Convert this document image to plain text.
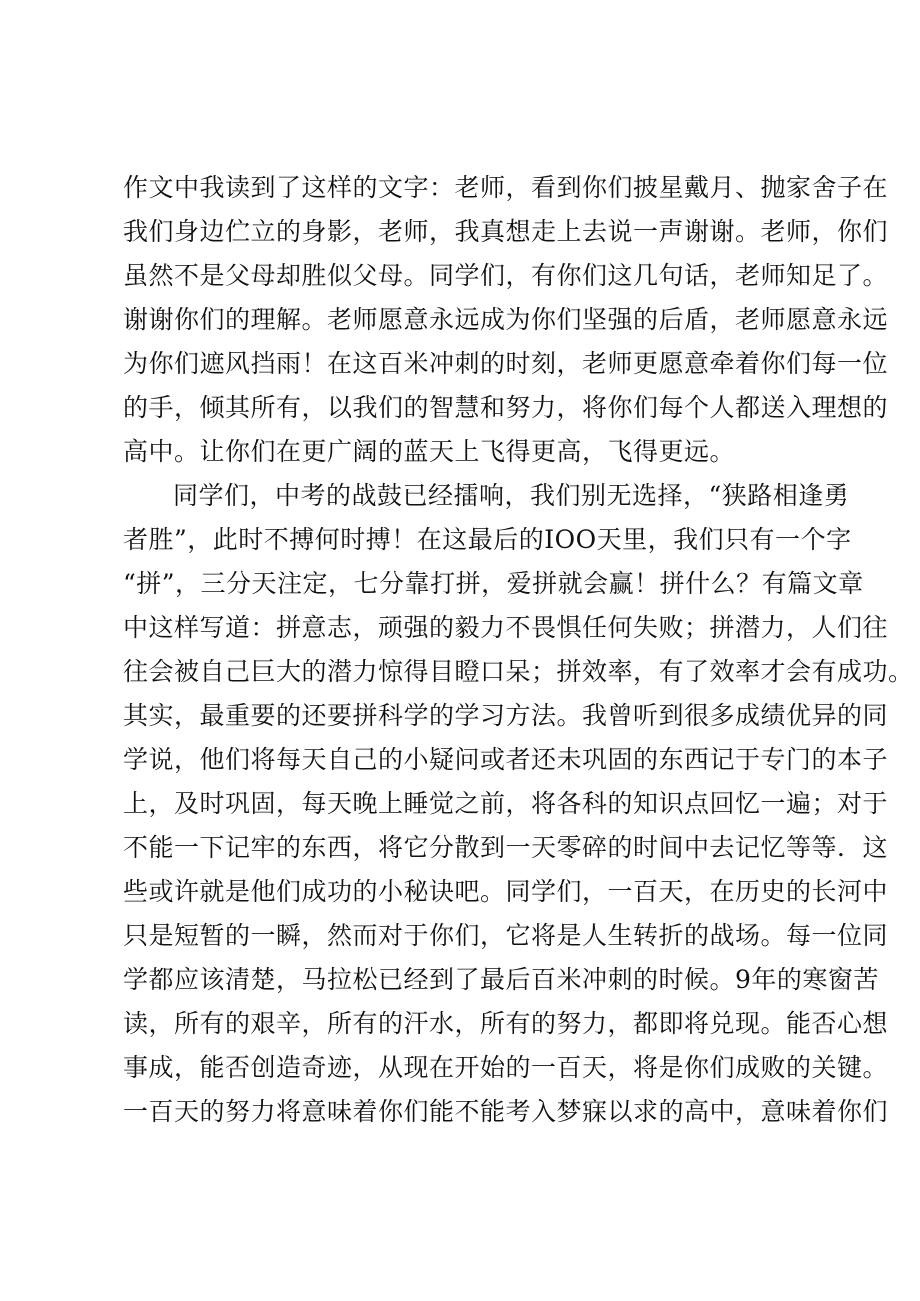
作文中我读到了这样的文字：老师，看到你们披星戴月、抛家舍子在
我们身边伫立的身影，老师，我真想走上去说一声谢谢。老师，你们
虽然不是父母却胜似父母。同学们，有你们这几句话，老师知足了。
谢谢你们的理解。老师愿意永远成为你们坚强的后盾，老师愿意永远
为你们遮风挡雨！在这百米冲刺的时刻，老师更愿意牵着你们每一位
的手，倾其所有，以我们的智慧和努力，将你们每个人都送入理想的
高中。让你们在更广阔的蓝天上飞得更高，飞得更远。
同学们，中考的战鼓已经擂响，我们别无选择，“狭路相逢勇
者胜”，此时不搏何时搏！在这最后的IOO天里，我们只有一个字
“拼”，三分天注定，七分靠打拼，爱拼就会赢！拼什么？有篇文章
中这样写道：拼意志，顽强的毅力不畏惧任何失败；拼潜力，人们往
往会被自己巨大的潜力惊得目瞪口呆；拼效率，有了效率才会有成功。
其实，最重要的还要拼科学的学习方法。我曾听到很多成绩优异的同
学说，他们将每天自己的小疑问或者还未巩固的东西记于专门的本子
上，及时巩固，每天晚上睡觉之前，将各科的知识点回忆一遍；对于
不能一下记牢的东西，将它分散到一天零碎的时间中去记忆等等．这
些或许就是他们成功的小秘诀吧。同学们，一百天，在历史的长河中
只是短暂的一瞬，然而对于你们，它将是人生转折的战场。每一位同
学都应该清楚，马拉松已经到了最后百米冲刺的时候。9年的寒窗苦
读，所有的艰辛，所有的汗水，所有的努力，都即将兑现。能否心想
事成，能否创造奇迹，从现在开始的一百天，将是你们成败的关键。
一百天的努力将意味着你们能不能考入梦寐以求的高中，意味着你们
